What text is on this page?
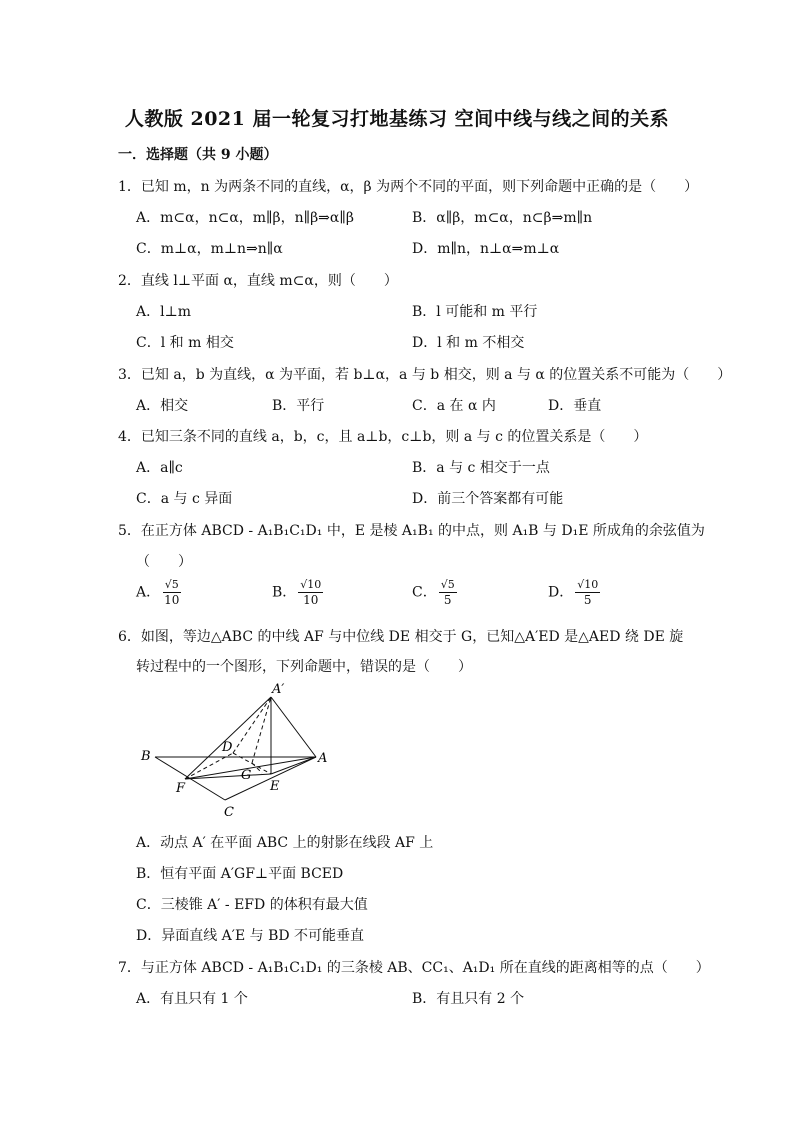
人教版 2021 届一轮复习打地基练习 空间中线与线之间的关系
一．选择题（共 9 小题）
1．已知 m，n 为两条不同的直线，α，β 为两个不同的平面，则下列命题中正确的是（　　）
A．m⊂α，n⊂α，m∥β，n∥β⇒α∥β	B．α∥β，m⊂α，n⊂β⇒m∥n
C．m⊥α，m⊥n⇒n∥α	D．m∥n，n⊥α⇒m⊥α
2．直线 l⊥平面 α，直线 m⊂α，则（　　）
A．l⊥m	B．l 可能和 m 平行
C．l 和 m 相交	D．l 和 m 不相交
3．已知 a，b 为直线，α 为平面，若 b⊥α，a 与 b 相交，则 a 与 α 的位置关系不可能为（　　）
A．相交	B．平行	C．a 在 α 内	D．垂直
4．已知三条不同的直线 a，b，c，且 a⊥b，c⊥b，则 a 与 c 的位置关系是（　　）
A．a∥c	B．a 与 c 相交于一点
C．a 与 c 异面	D．前三个答案都有可能
5．在正方体 ABCD - A₁B₁C₁D₁ 中，E 是棱 A₁B₁ 的中点，则 A₁B 与 D₁E 所成角的余弦值为
（　　）
A． $\frac{√5}{10}$	B． $\frac{√10}{10}$	C． $\frac{√5}{5}$	D． $\frac{√10}{5}$
6．如图，等边△ABC 的中线 AF 与中位线 DE 相交于 G，已知△A′ED 是△AED 绕 DE 旋
转过程中的一个图形，下列命题中，错误的是（　　）
A′
B
D
A
G
F	E
C
A．动点 A′ 在平面 ABC 上的射影在线段 AF 上
B．恒有平面 A′GF⊥平面 BCED
C．三棱锥 A′ - EFD 的体积有最大值
D．异面直线 A′E 与 BD 不可能垂直
7．与正方体 ABCD - A₁B₁C₁D₁ 的三条棱 AB、CC₁、A₁D₁ 所在直线的距离相等的点（　　）
A．有且只有 1 个	B．有且只有 2 个
